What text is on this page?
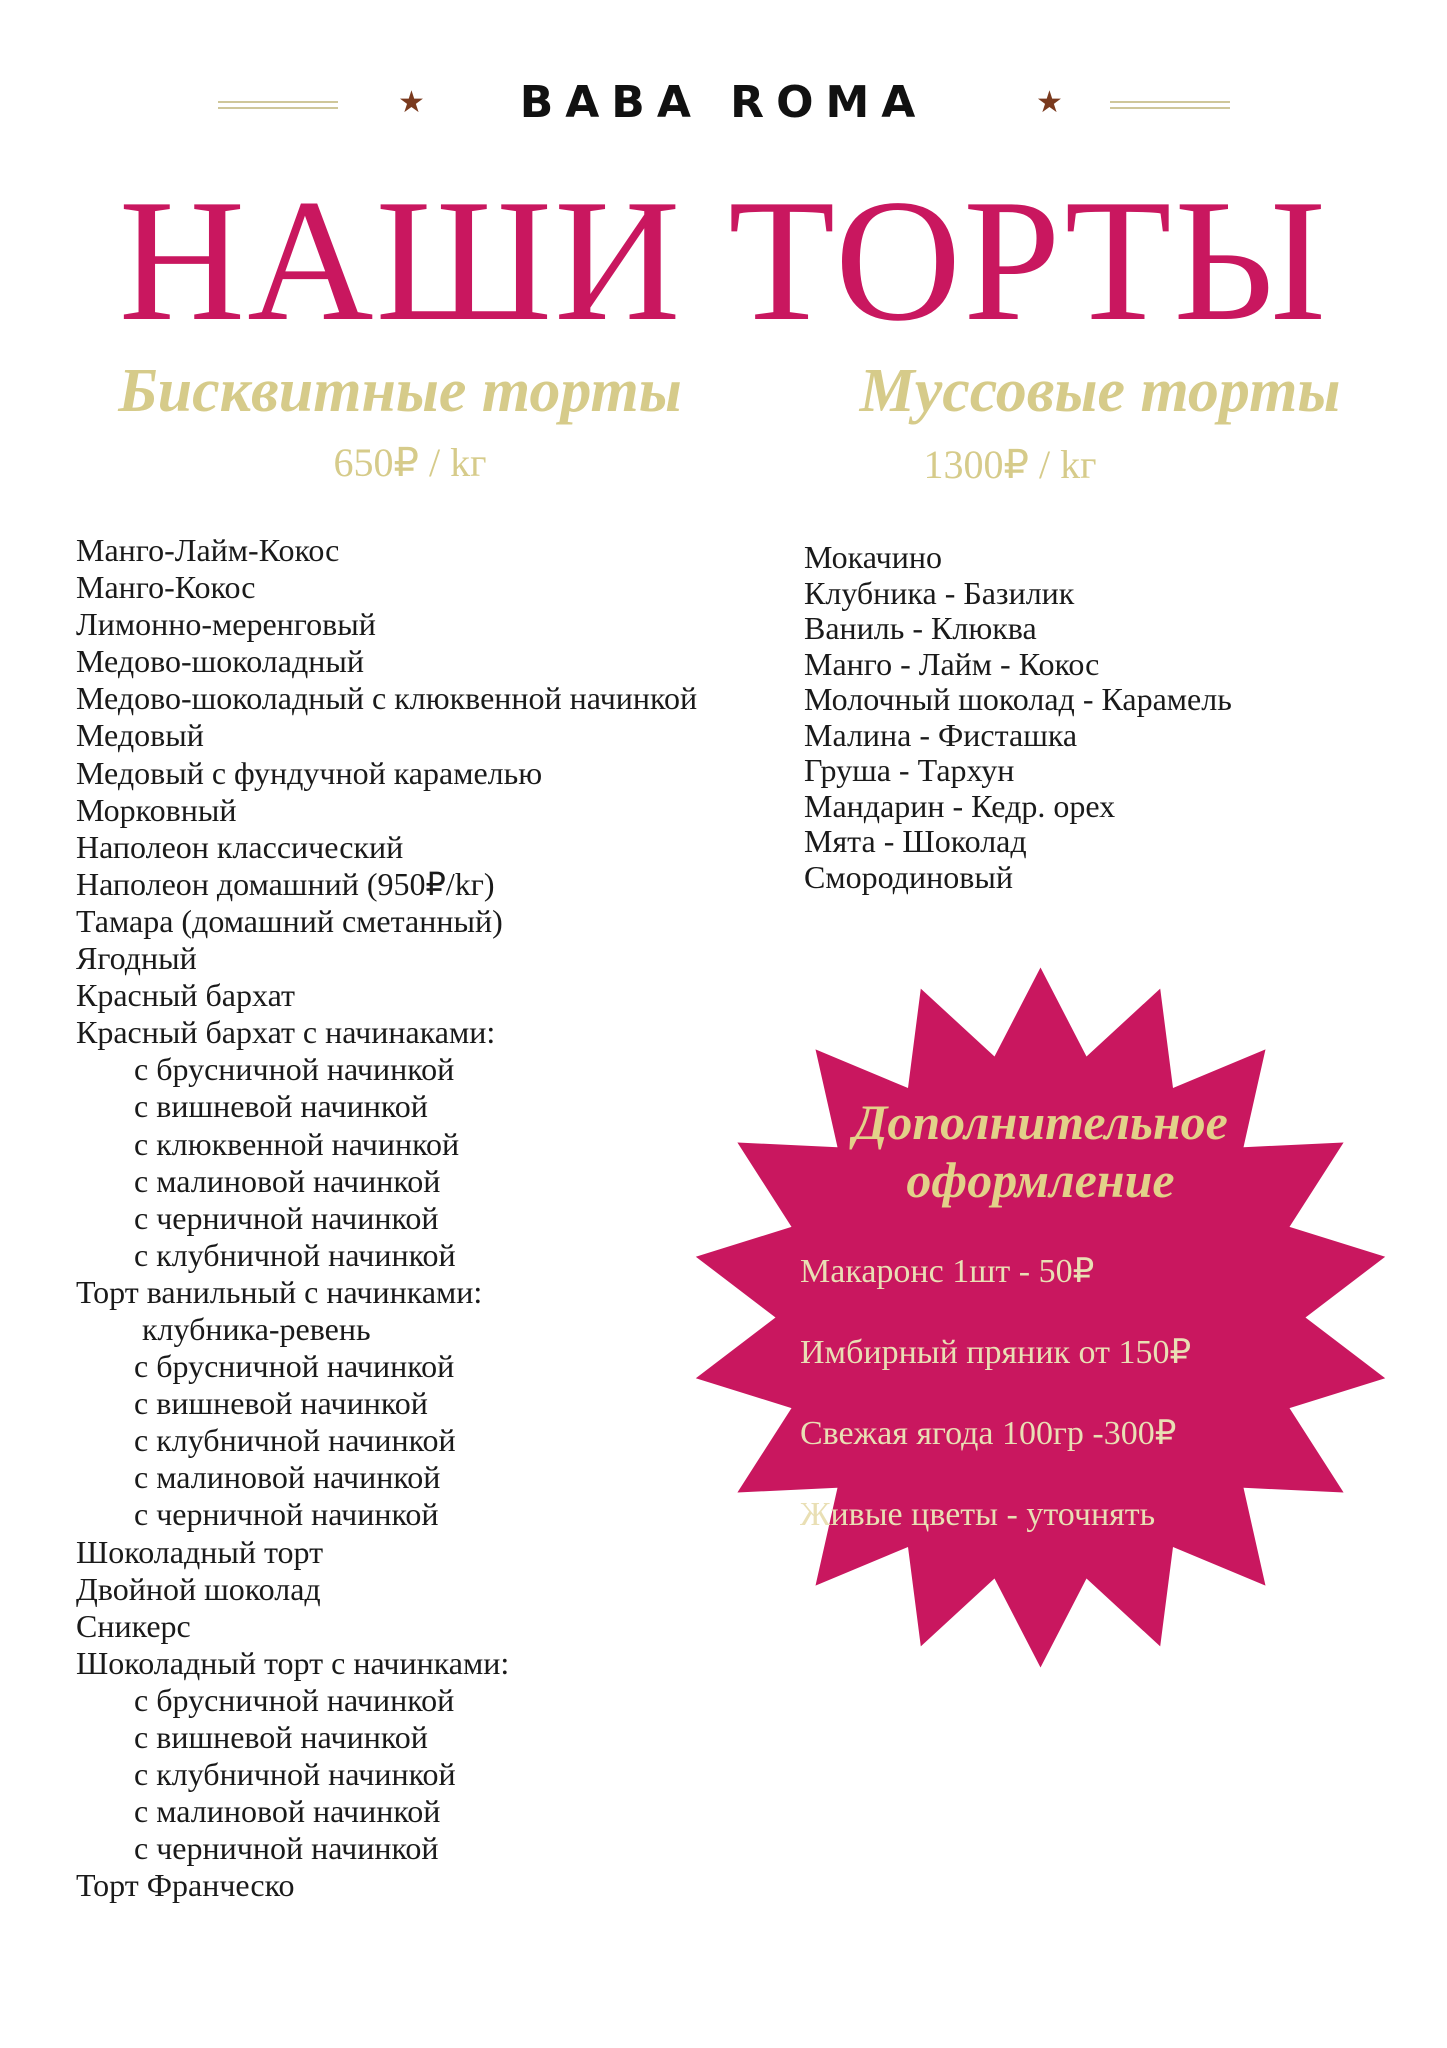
★	BABA ROMA	★
НАШИ ТОРТЫ
Бисквитные торты
650₽ / kг
Муссовые торты
1300₽ / kг
Манго-Лайм-Кокос
Манго-Кокос
Лимонно-меренговый
Медово-шоколадный
Медово-шоколадный с клюквенной начинкой
Медовый
Медовый с фундучной карамелью
Морковный
Наполеон классический
Наполеон домашний (950₽/kг)
Тамара (домашний сметанный)
Ягодный
Красный бархат
Красный бархат с начинаками:
с брусничной начинкой
с вишневой начинкой
с клюквенной начинкой
с малиновой начинкой
с черничной начинкой
с клубничной начинкой
Торт ванильный с начинками:
клубника-ревень
с брусничной начинкой
с вишневой начинкой
с клубничной начинкой
с малиновой начинкой
с черничной начинкой
Шоколадный торт
Двойной шоколад
Сникерс
Шоколадный торт с начинками:
с брусничной начинкой
с вишневой начинкой
с клубничной начинкой
с малиновой начинкой
с черничной начинкой
Торт Франческо
Мокачино
Клубника - Базилик
Ваниль - Клюква
Манго - Лайм - Кокос
Молочный шоколад - Карамель
Малина - Фисташка
Груша - Тархун
Мандарин - Кедр. орех
Мята - Шоколад
Смородиновый
Дополнительное
оформление
Макаронс 1шт - 50₽
Имбирный пряник от 150₽
Свежая ягода 100гр -300₽
Живые цветы - уточнять
